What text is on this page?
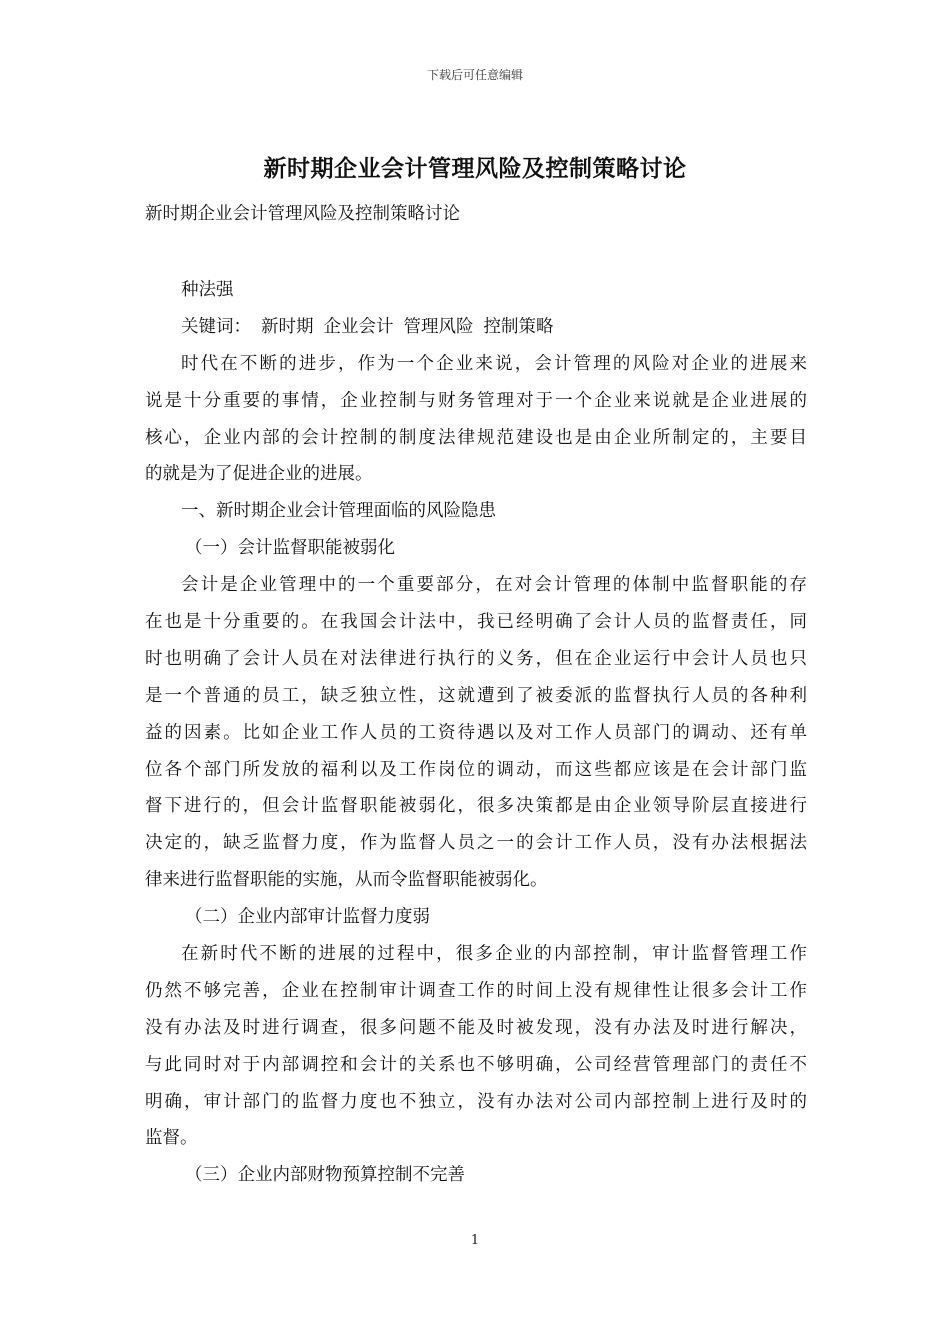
下载后可任意编辑
新时期企业会计管理风险及控制策略讨论
新时期企业会计管理风险及控制策略讨论
种法强
关键词： 新时期 企业会计 管理风险 控制策略
时代在不断的进步，作为一个企业来说，会计管理的风险对企业的进展来
说是十分重要的事情，企业控制与财务管理对于一个企业来说就是企业进展的
核心，企业内部的会计控制的制度法律规范建设也是由企业所制定的，主要目
的就是为了促进企业的进展。
一、新时期企业会计管理面临的风险隐患
（一）会计监督职能被弱化
会计是企业管理中的一个重要部分，在对会计管理的体制中监督职能的存
在也是十分重要的。在我国会计法中，我已经明确了会计人员的监督责任，同
时也明确了会计人员在对法律进行执行的义务，但在企业运行中会计人员也只
是一个普通的员工，缺乏独立性，这就遭到了被委派的监督执行人员的各种利
益的因素。比如企业工作人员的工资待遇以及对工作人员部门的调动、还有单
位各个部门所发放的福利以及工作岗位的调动，而这些都应该是在会计部门监
督下进行的，但会计监督职能被弱化，很多决策都是由企业领导阶层直接进行
决定的，缺乏监督力度，作为监督人员之一的会计工作人员，没有办法根据法
律来进行监督职能的实施，从而令监督职能被弱化。
（二）企业内部审计监督力度弱
在新时代不断的进展的过程中，很多企业的内部控制，审计监督管理工作
仍然不够完善，企业在控制审计调查工作的时间上没有规律性让很多会计工作
没有办法及时进行调查，很多问题不能及时被发现，没有办法及时进行解决，
与此同时对于内部调控和会计的关系也不够明确，公司经营管理部门的责任不
明确，审计部门的监督力度也不独立，没有办法对公司内部控制上进行及时的
监督。
（三）企业内部财物预算控制不完善
1
